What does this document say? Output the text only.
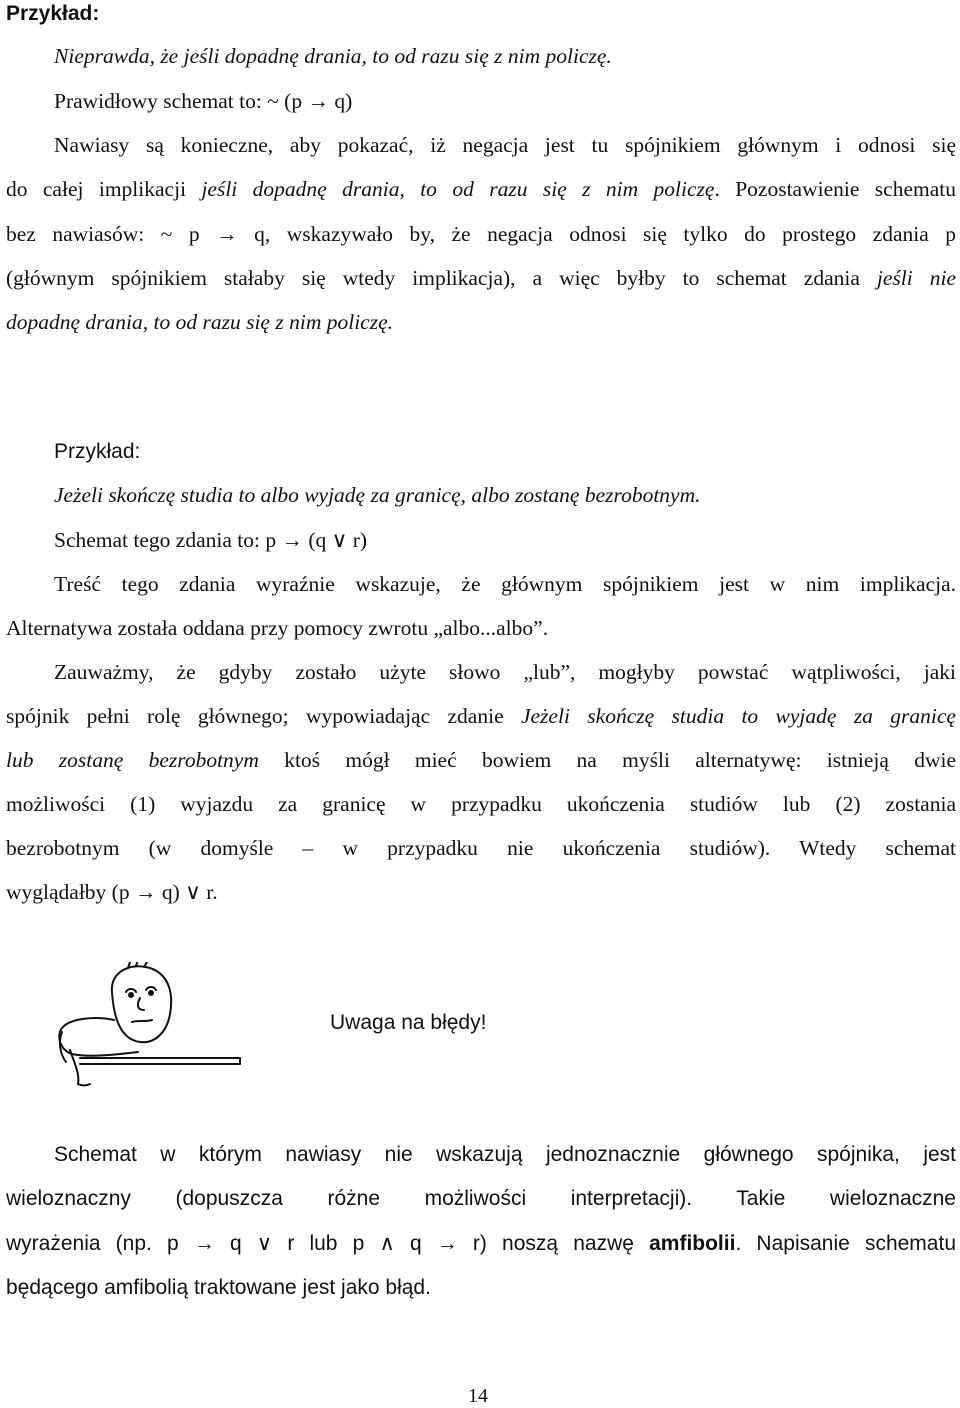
Przykład:
Nieprawda, że jeśli dopadnę drania, to od razu się z nim policzę.
Prawidłowy schemat to: ~ (p → q)
Nawiasy są konieczne, aby pokazać, iż negacja jest tu spójnikiem głównym i odnosi się
do całej implikacji jeśli dopadnę drania, to od razu się z nim policzę. Pozostawienie schematu
bez nawiasów: ~ p → q, wskazywało by, że negacja odnosi się tylko do prostego zdania p
(głównym spójnikiem stałaby się wtedy implikacja), a więc byłby to schemat zdania jeśli nie
dopadnę drania, to od razu się z nim policzę.
Przykład:
Jeżeli skończę studia to albo wyjadę za granicę, albo zostanę bezrobotnym.
Schemat tego zdania to: p → (q ∨ r)
Treść tego zdania wyraźnie wskazuje, że głównym spójnikiem jest w nim implikacja.
Alternatywa została oddana przy pomocy zwrotu „albo...albo”.
Zauważmy, że gdyby zostało użyte słowo „lub”, mogłyby powstać wątpliwości, jaki
spójnik pełni rolę głównego; wypowiadając zdanie Jeżeli skończę studia to wyjadę za granicę
lub zostanę bezrobotnym ktoś mógł mieć bowiem na myśli alternatywę: istnieją dwie
możliwości (1) wyjazdu za granicę w przypadku ukończenia studiów lub (2) zostania
bezrobotnym (w domyśle – w przypadku nie ukończenia studiów). Wtedy schemat
wyglądałby (p → q) ∨ r.
Uwaga na błędy!
Schemat w którym nawiasy nie wskazują jednoznacznie głównego spójnika, jest
wieloznaczny (dopuszcza różne możliwości interpretacji). Takie wieloznaczne
wyrażenia (np. p → q ∨ r lub p ∧ q → r) noszą nazwę amfibolii. Napisanie schematu
będącego amfibolią traktowane jest jako błąd.
14
